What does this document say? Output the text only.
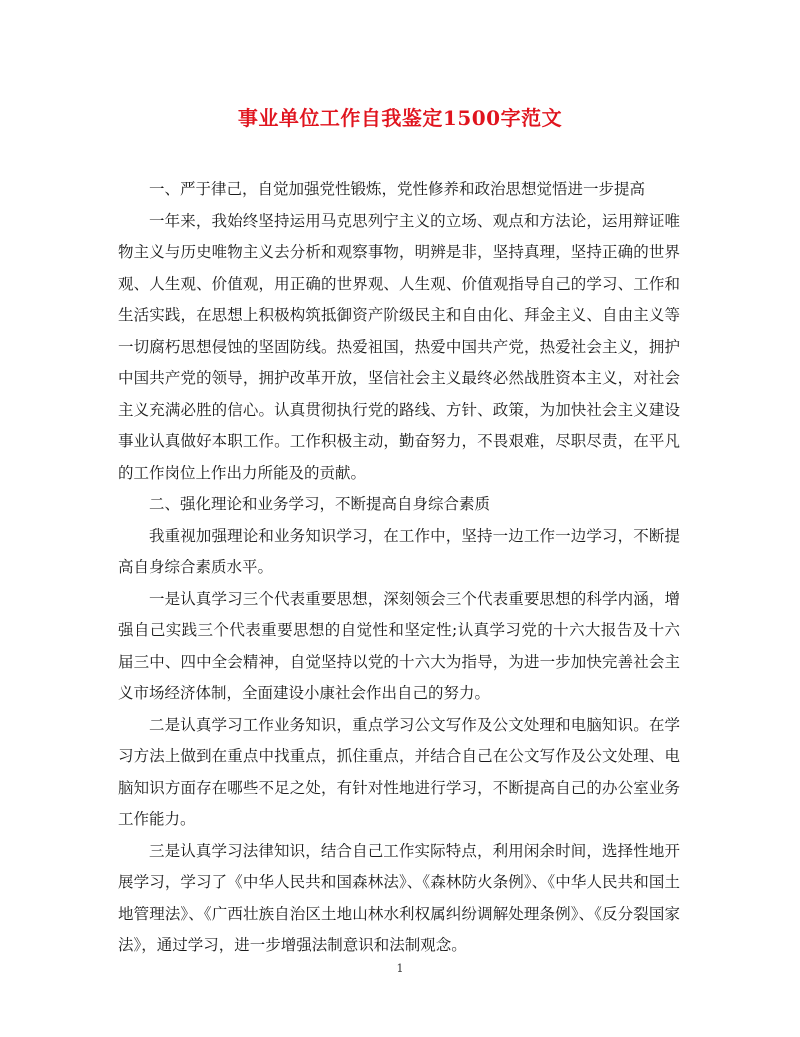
事业单位工作自我鉴定1500字范文

一、严于律己，自觉加强党性锻炼，党性修养和政治思想觉悟进一步提高

一年来，我始终坚持运用马克思列宁主义的立场、观点和方法论，运用辩证唯物主义与历史唯物主义去分析和观察事物，明辨是非，坚持真理，坚持正确的世界观、人生观、价值观，用正确的世界观、人生观、价值观指导自己的学习、工作和生活实践，在思想上积极构筑抵御资产阶级民主和自由化、拜金主义、自由主义等一切腐朽思想侵蚀的坚固防线。热爱祖国，热爱中国共产党，热爱社会主义，拥护中国共产党的领导，拥护改革开放，坚信社会主义最终必然战胜资本主义，对社会主义充满必胜的信心。认真贯彻执行党的路线、方针、政策，为加快社会主义建设事业认真做好本职工作。工作积极主动，勤奋努力，不畏艰难，尽职尽责，在平凡的工作岗位上作出力所能及的贡献。

二、强化理论和业务学习，不断提高自身综合素质

我重视加强理论和业务知识学习，在工作中，坚持一边工作一边学习，不断提高自身综合素质水平。

一是认真学习三个代表重要思想，深刻领会三个代表重要思想的科学内涵，增强自己实践三个代表重要思想的自觉性和坚定性;认真学习党的十六大报告及十六届三中、四中全会精神，自觉坚持以党的十六大为指导，为进一步加快完善社会主义市场经济体制，全面建设小康社会作出自己的努力。

二是认真学习工作业务知识，重点学习公文写作及公文处理和电脑知识。在学习方法上做到在重点中找重点，抓住重点，并结合自己在公文写作及公文处理、电脑知识方面存在哪些不足之处，有针对性地进行学习，不断提高自己的办公室业务工作能力。

三是认真学习法律知识，结合自己工作实际特点，利用闲余时间，选择性地开展学习，学习了《中华人民共和国森林法》、《森林防火条例》、《中华人民共和国土地管理法》、《广西壮族自治区土地山林水利权属纠纷调解处理条例》、《反分裂国家法》，通过学习，进一步增强法制意识和法制观念。

1
